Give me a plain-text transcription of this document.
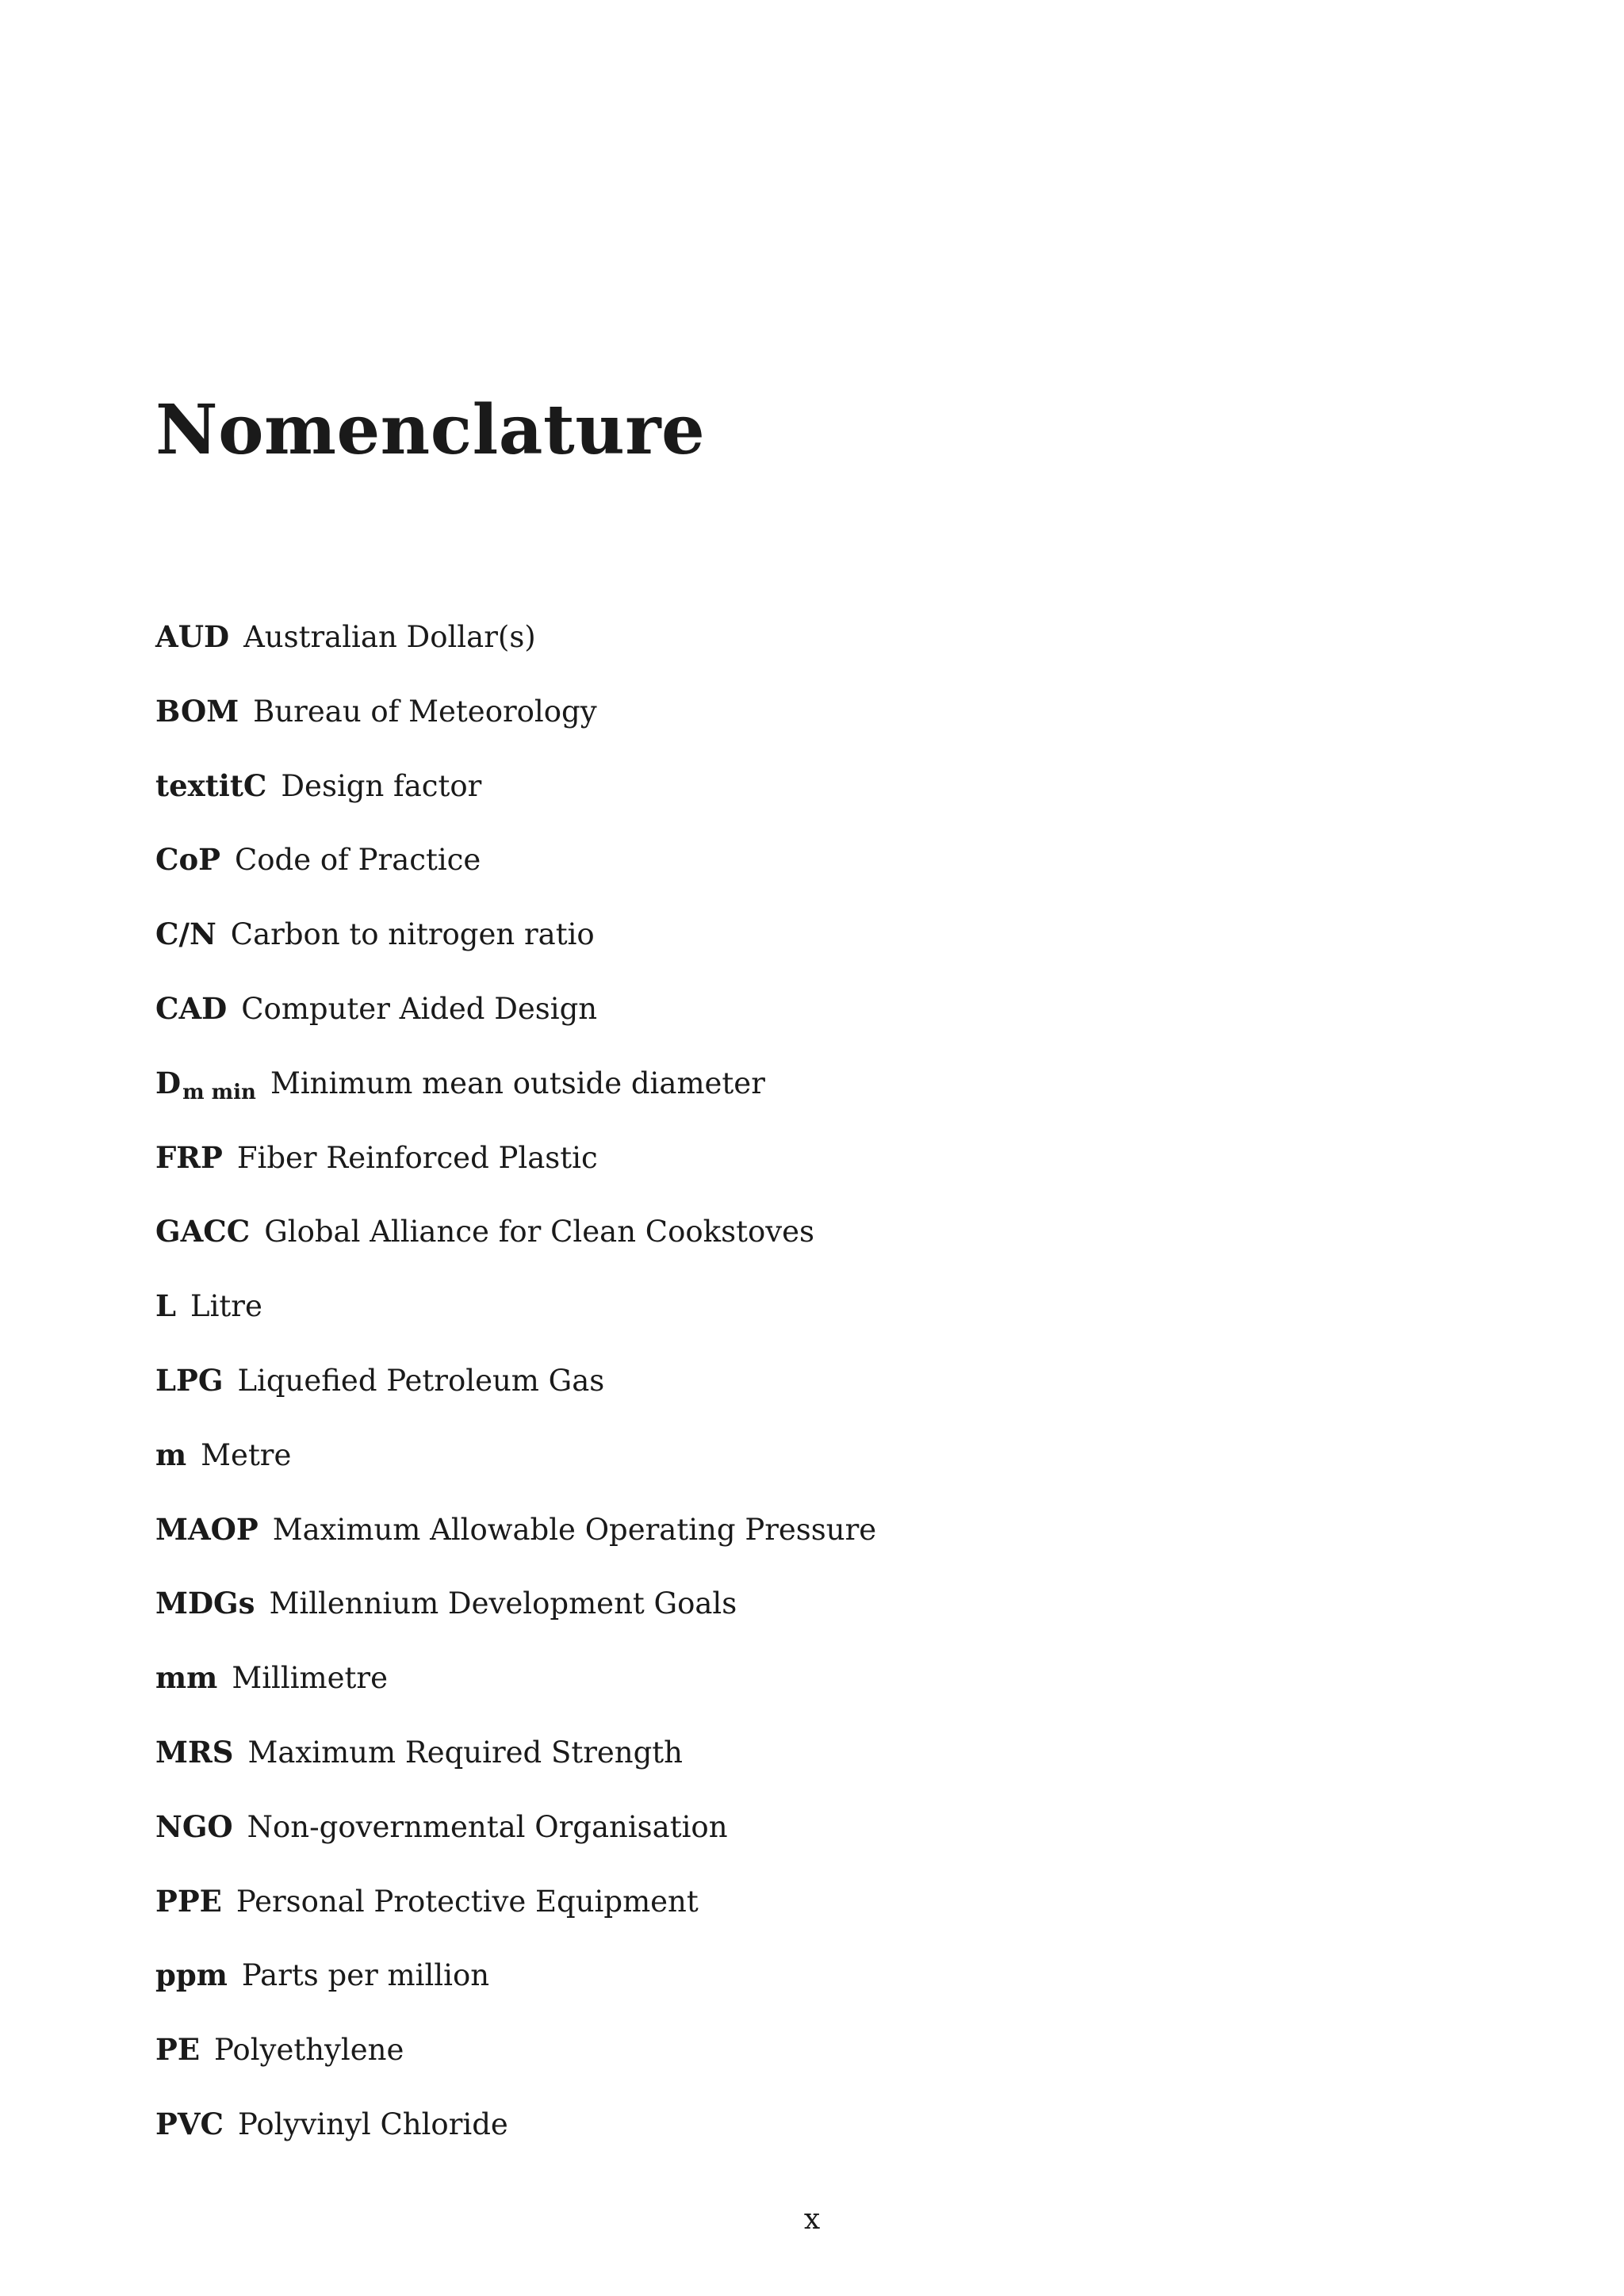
Nomenclature
AUD Australian Dollar(s)
BOM Bureau of Meteorology
textitC Design factor
CoP Code of Practice
C/N Carbon to nitrogen ratio
CAD Computer Aided Design
Dm min Minimum mean outside diameter
FRP Fiber Reinforced Plastic
GACC Global Alliance for Clean Cookstoves
L Litre
LPG Liquefied Petroleum Gas
m Metre
MAOP Maximum Allowable Operating Pressure
MDGs Millennium Development Goals
mm Millimetre
MRS Maximum Required Strength
NGO Non-governmental Organisation
PPE Personal Protective Equipment
ppm Parts per million
PE Polyethylene
PVC Polyvinyl Chloride
x
